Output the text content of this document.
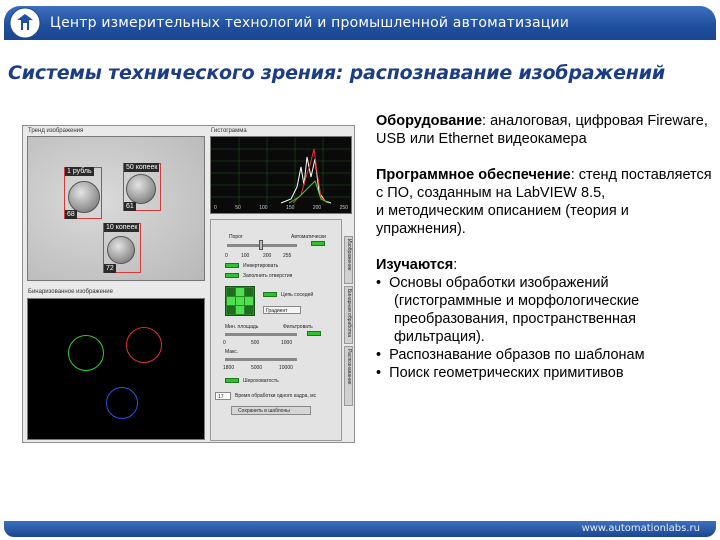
Центр измерительных технологий и промышленной автоматизации
Системы технического зрения: распознавание изображений
Тренд изображения	Гистограмма
1 рубль
68
50 копеек
61
10 копеек
72
0	50	100	150	200	250
Порог	Автоматически
0	100	200 255
Инвертировать
Заполнить отверстия
Цепь соседей
Градиент
Мин. площадь	Фильтровать
0	500	1000
Макс.
1800	5000	10000
Шероховатость
17 Время обработки одного кадра, мс
Сохранить в шаблоны
Изображение
Бинарная обработка
Распознавание
Бинаризованное изображение
Оборудование: аналоговая, цифровая Fireware, USB или Ethernet видеокамера
Программное обеспечение: стенд поставляется с ПО, созданным на LabVIEW 8.5,
и методическим описанием (теория и упражнения).
Изучаются:
• Основы обработки изображений (гистограммные и морфологические преобразования, пространственная фильтрация).
• Распознавание образов по шаблонам
• Поиск геометрических примитивов
www.automationlabs.ru
